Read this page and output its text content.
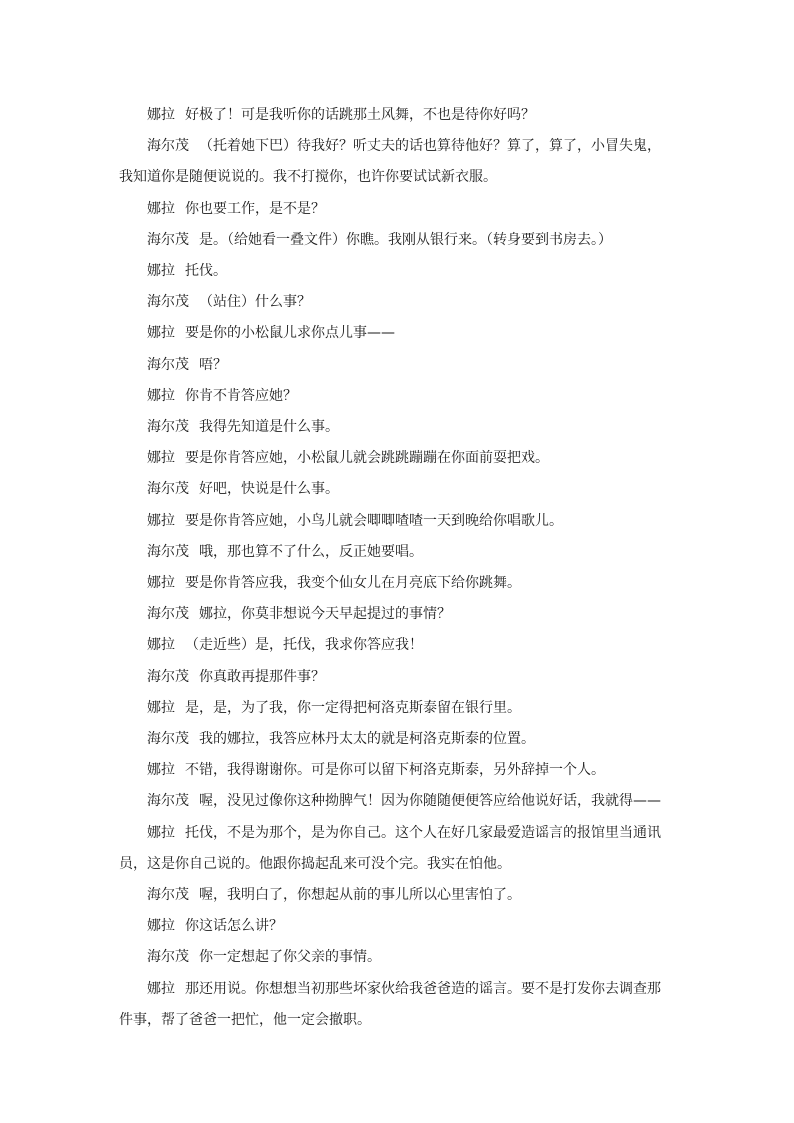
娜拉 好极了！可是我听你的话跳那土风舞，不也是待你好吗？

海尔茂 （托着她下巴）待我好？听丈夫的话也算待他好？算了，算了，小冒失鬼，我知道你是随便说说的。我不打搅你，也许你要试试新衣服。

娜拉 你也要工作，是不是？

海尔茂 是。（给她看一叠文件）你瞧。我刚从银行来。（转身要到书房去。）

娜拉 托伐。

海尔茂 （站住）什么事？

娜拉 要是你的小松鼠儿求你点儿事——

海尔茂 唔？

娜拉 你肯不肯答应她？

海尔茂 我得先知道是什么事。

娜拉 要是你肯答应她，小松鼠儿就会跳跳蹦蹦在你面前耍把戏。

海尔茂 好吧，快说是什么事。

娜拉 要是你肯答应她，小鸟儿就会唧唧喳喳一天到晚给你唱歌儿。

海尔茂 哦，那也算不了什么，反正她要唱。

娜拉 要是你肯答应我，我变个仙女儿在月亮底下给你跳舞。

海尔茂 娜拉，你莫非想说今天早起提过的事情？

娜拉 （走近些）是，托伐，我求你答应我！

海尔茂 你真敢再提那件事？

娜拉 是，是，为了我，你一定得把柯洛克斯泰留在银行里。

海尔茂 我的娜拉，我答应林丹太太的就是柯洛克斯泰的位置。

娜拉 不错，我得谢谢你。可是你可以留下柯洛克斯泰，另外辞掉一个人。

海尔茂 喔，没见过像你这种拗脾气！因为你随随便便答应给他说好话，我就得——

娜拉 托伐，不是为那个，是为你自己。这个人在好几家最爱造谣言的报馆里当通讯员，这是你自己说的。他跟你捣起乱来可没个完。我实在怕他。

海尔茂 喔，我明白了，你想起从前的事儿所以心里害怕了。

娜拉 你这话怎么讲？

海尔茂 你一定想起了你父亲的事情。

娜拉 那还用说。你想想当初那些坏家伙给我爸爸造的谣言。要不是打发你去调查那件事，帮了爸爸一把忙，他一定会撤职。
